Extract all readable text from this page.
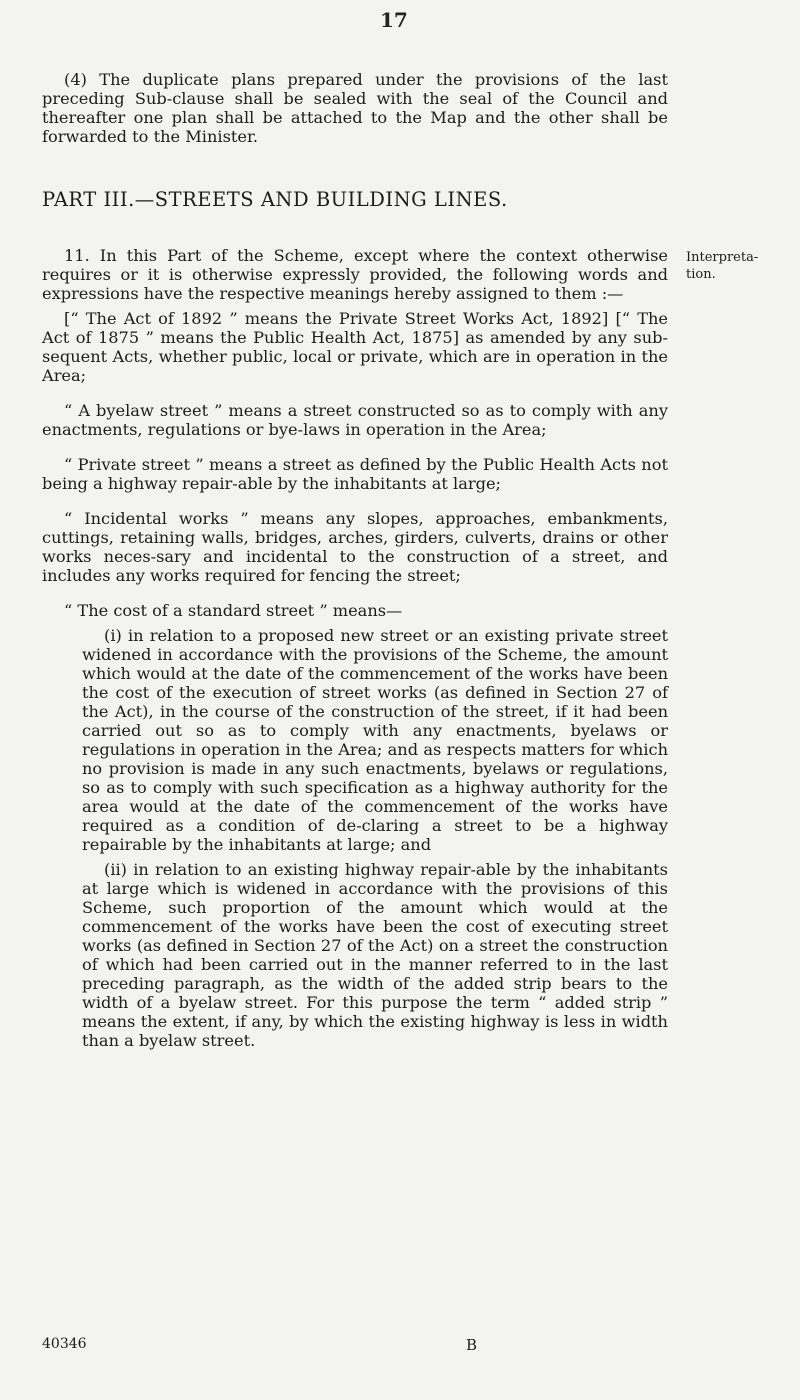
17

(4) The duplicate plans prepared under the provisions of the last preceding Sub-clause shall be sealed with the seal of the Council and thereafter one plan shall be attached to the Map and the other shall be forwarded to the Minister.

PART III.—STREETS AND BUILDING LINES.

11. In this Part of the Scheme, except where the context otherwise requires or it is otherwise expressly provided, the following words and expressions have the respective meanings hereby assigned to them :—

[“ The Act of 1892 ” means the Private Street Works Act, 1892] [“ The Act of 1875 ” means the Public Health Act, 1875] as amended by any sub-sequent Acts, whether public, local or private, which are in operation in the Area;

“ A byelaw street ” means a street constructed so as to comply with any enactments, regulations or bye-laws in operation in the Area;

“ Private street ” means a street as defined by the Public Health Acts not being a highway repair-able by the inhabitants at large;

“ Incidental works ” means any slopes, approaches, embankments, cuttings, retaining walls, bridges, arches, girders, culverts, drains or other works neces-sary and incidental to the construction of a street, and includes any works required for fencing the street;

“ The cost of a standard street ” means—

(i) in relation to a proposed new street or an existing private street widened in accordance with the provisions of the Scheme, the amount which would at the date of the commencement of the works have been the cost of the execution of street works (as defined in Section 27 of the Act), in the course of the construction of the street, if it had been carried out so as to comply with any enactments, byelaws or regulations in operation in the Area; and as respects matters for which no provision is made in any such enactments, byelaws or regulations, so as to comply with such specification as a highway authority for the area would at the date of the commencement of the works have required as a condition of de-claring a street to be a highway repairable by the inhabitants at large; and

(ii) in relation to an existing highway repair-able by the inhabitants at large which is widened in accordance with the provisions of this Scheme, such proportion of the amount which would at the commencement of the works have been the cost of executing street works (as defined in Section 27 of the Act) on a street the construction of which had been carried out in the manner referred to in the last preceding paragraph, as the width of the added strip bears to the width of a byelaw street. For this purpose the term “ added strip ” means the extent, if any, by which the existing highway is less in width than a byelaw street.

Interpreta-tion.
40346	B
